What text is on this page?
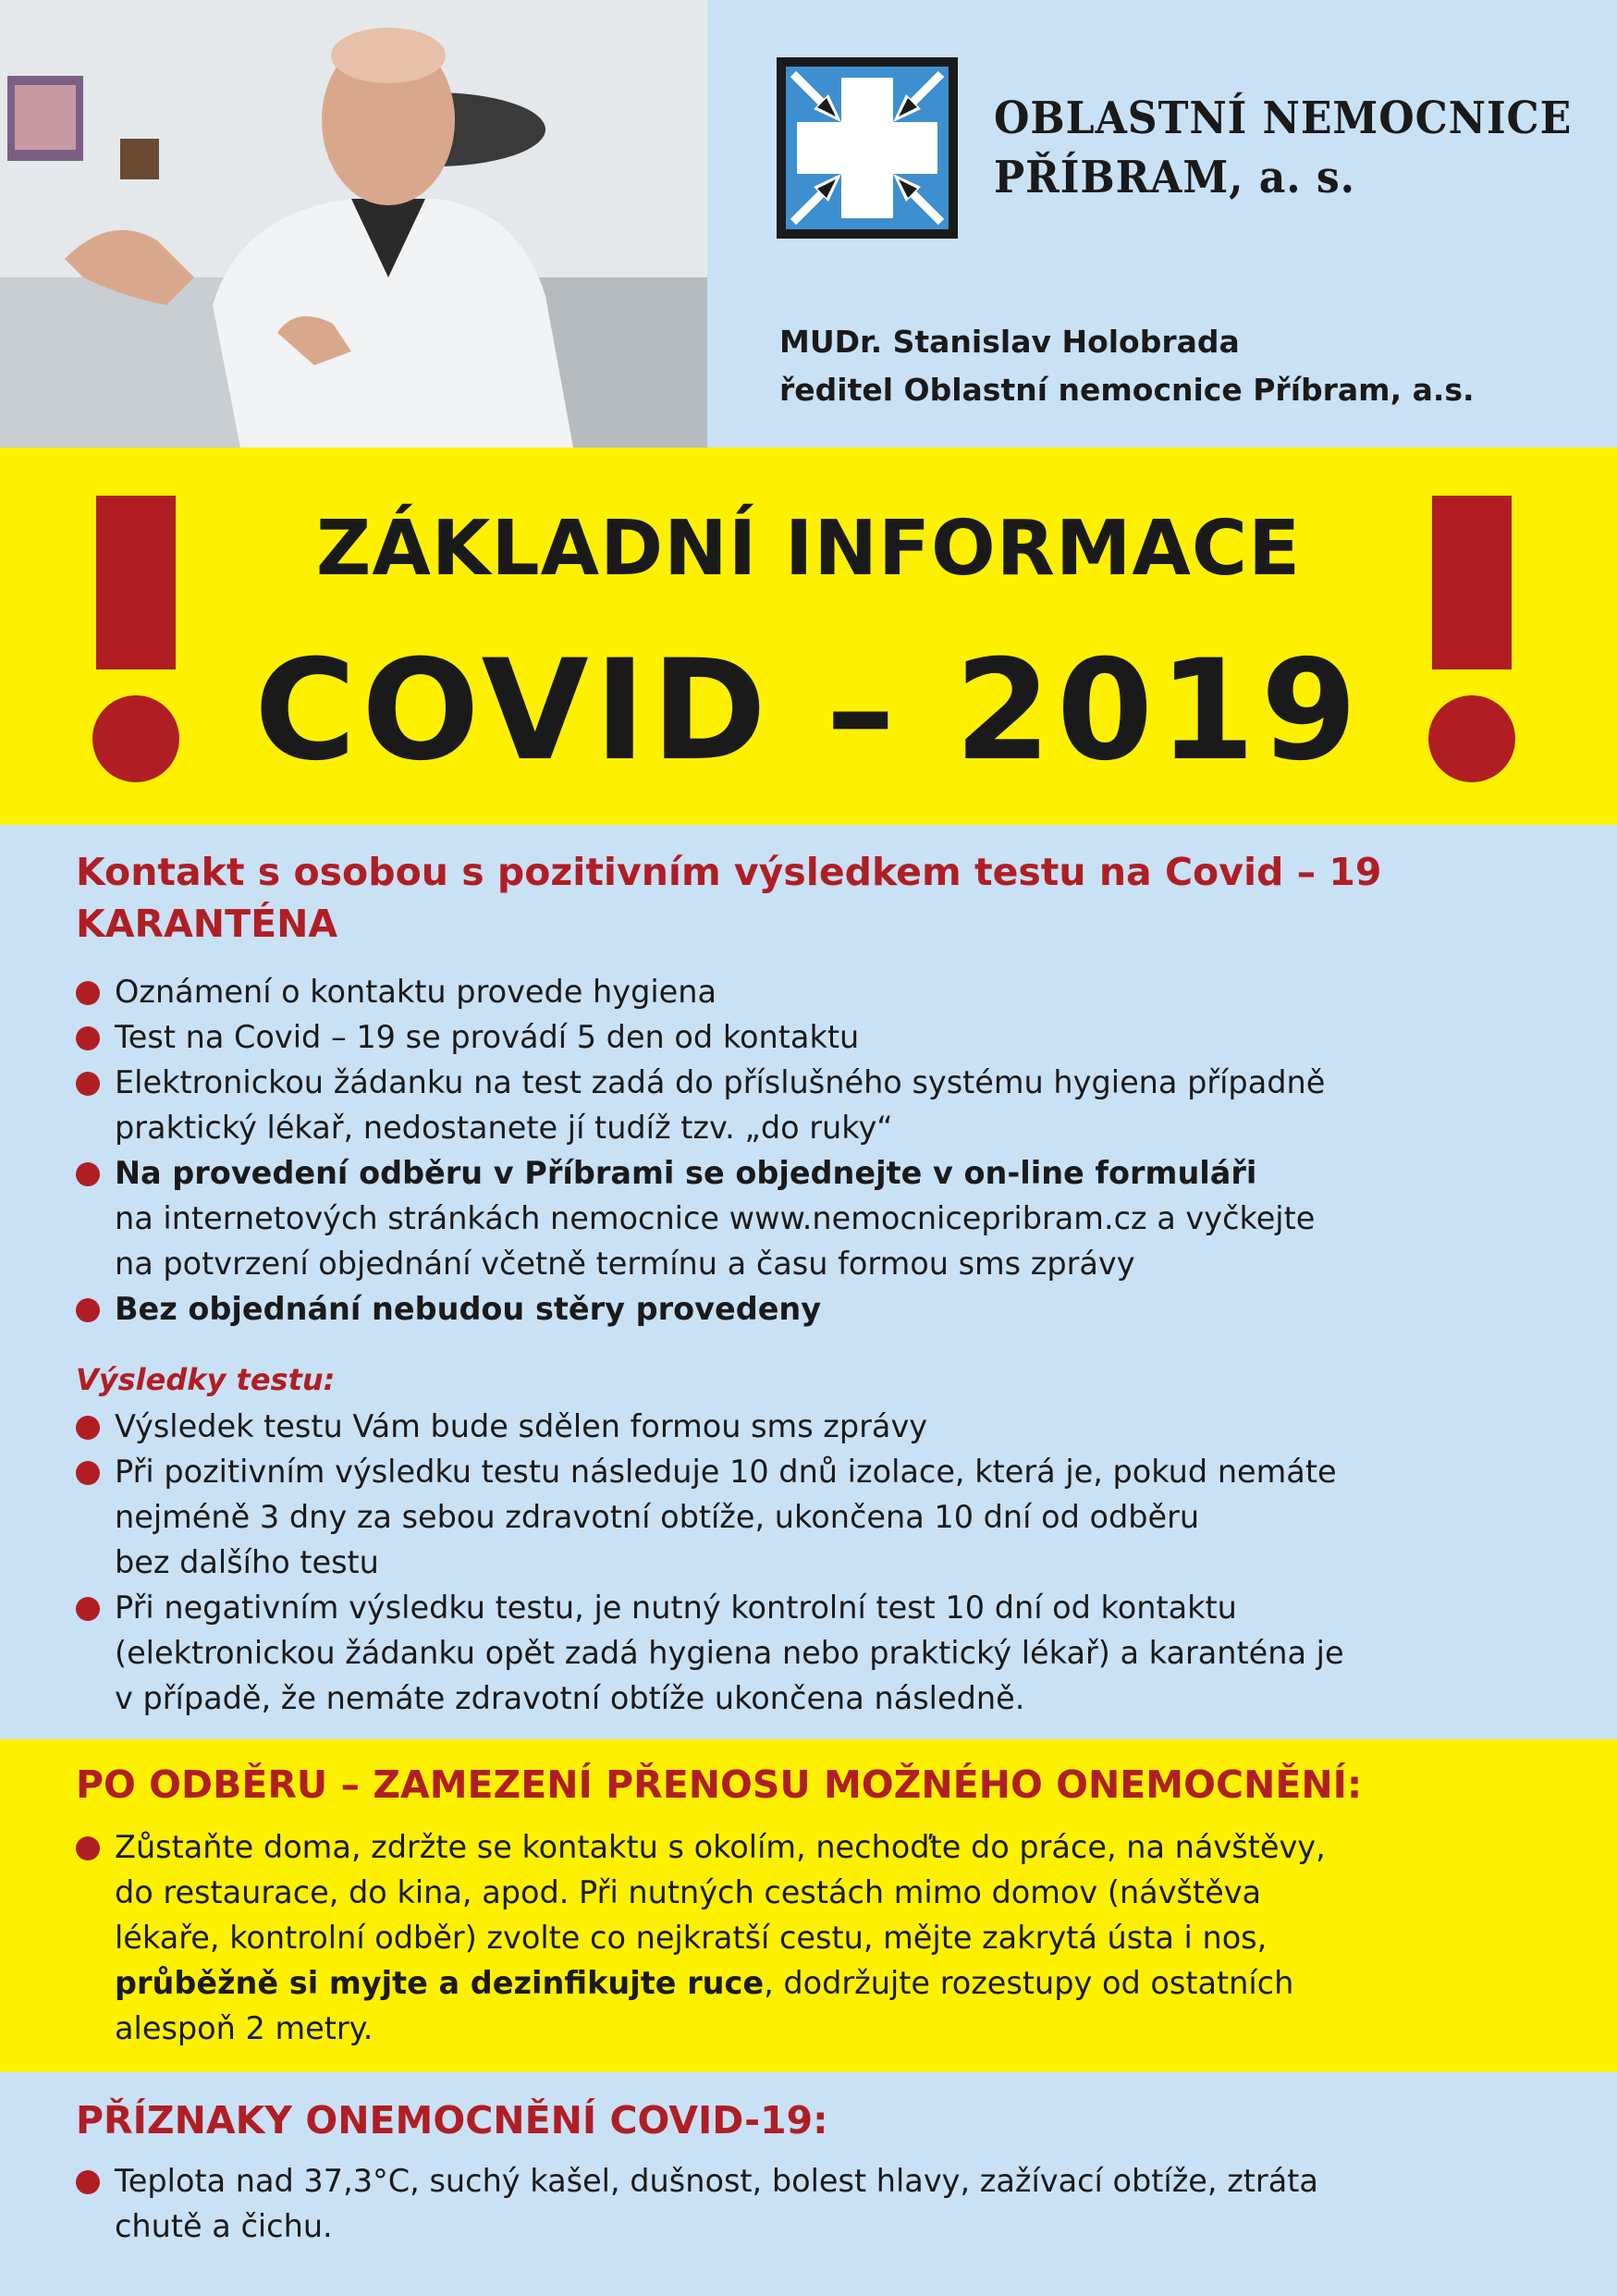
OBLASTNÍ NEMOCNICE
PŘÍBRAM, a. s.
MUDr. Stanislav Holobrada
ředitel Oblastní nemocnice Příbram, a.s.
ZÁKLADNÍ INFORMACE
COVID – 2019
Kontakt s osobou s pozitivním výsledkem testu na Covid – 19
KARANTÉNA
Oznámení o kontaktu provede hygiena
Test na Covid – 19 se provádí 5 den od kontaktu
Elektronickou žádanku na test zadá do příslušného systému hygiena případně
praktický lékař, nedostanete jí tudíž tzv. „do ruky“
Na provedení odběru v Příbrami se objednejte v on-line formuláři
na internetových stránkách nemocnice www.nemocnicepribram.cz a vyčkejte
na potvrzení objednání včetně termínu a času formou sms zprávy
Bez objednání nebudou stěry provedeny
Výsledky testu:
Výsledek testu Vám bude sdělen formou sms zprávy
Při pozitivním výsledku testu následuje 10 dnů izolace, která je, pokud nemáte
nejméně 3 dny za sebou zdravotní obtíže, ukončena 10 dní od odběru
bez dalšího testu
Při negativním výsledku testu, je nutný kontrolní test 10 dní od kontaktu
(elektronickou žádanku opět zadá hygiena nebo praktický lékař) a karanténa je
v případě, že nemáte zdravotní obtíže ukončena následně.
PO ODBĚRU – ZAMEZENÍ PŘENOSU MOŽNÉHO ONEMOCNĚNÍ:
Zůstaňte doma, zdržte se kontaktu s okolím, nechoďte do práce, na návštěvy,
do restaurace, do kina, apod. Při nutných cestách mimo domov (návštěva
lékaře, kontrolní odběr) zvolte co nejkratší cestu, mějte zakrytá ústa i nos,
průběžně si myjte a dezinfikujte ruce, dodržujte rozestupy od ostatních
alespoň 2 metry.
PŘÍZNAKY ONEMOCNĚNÍ COVID-19:
Teplota nad 37,3°C, suchý kašel, dušnost, bolest hlavy, zažívací obtíže, ztráta
chutě a čichu.
